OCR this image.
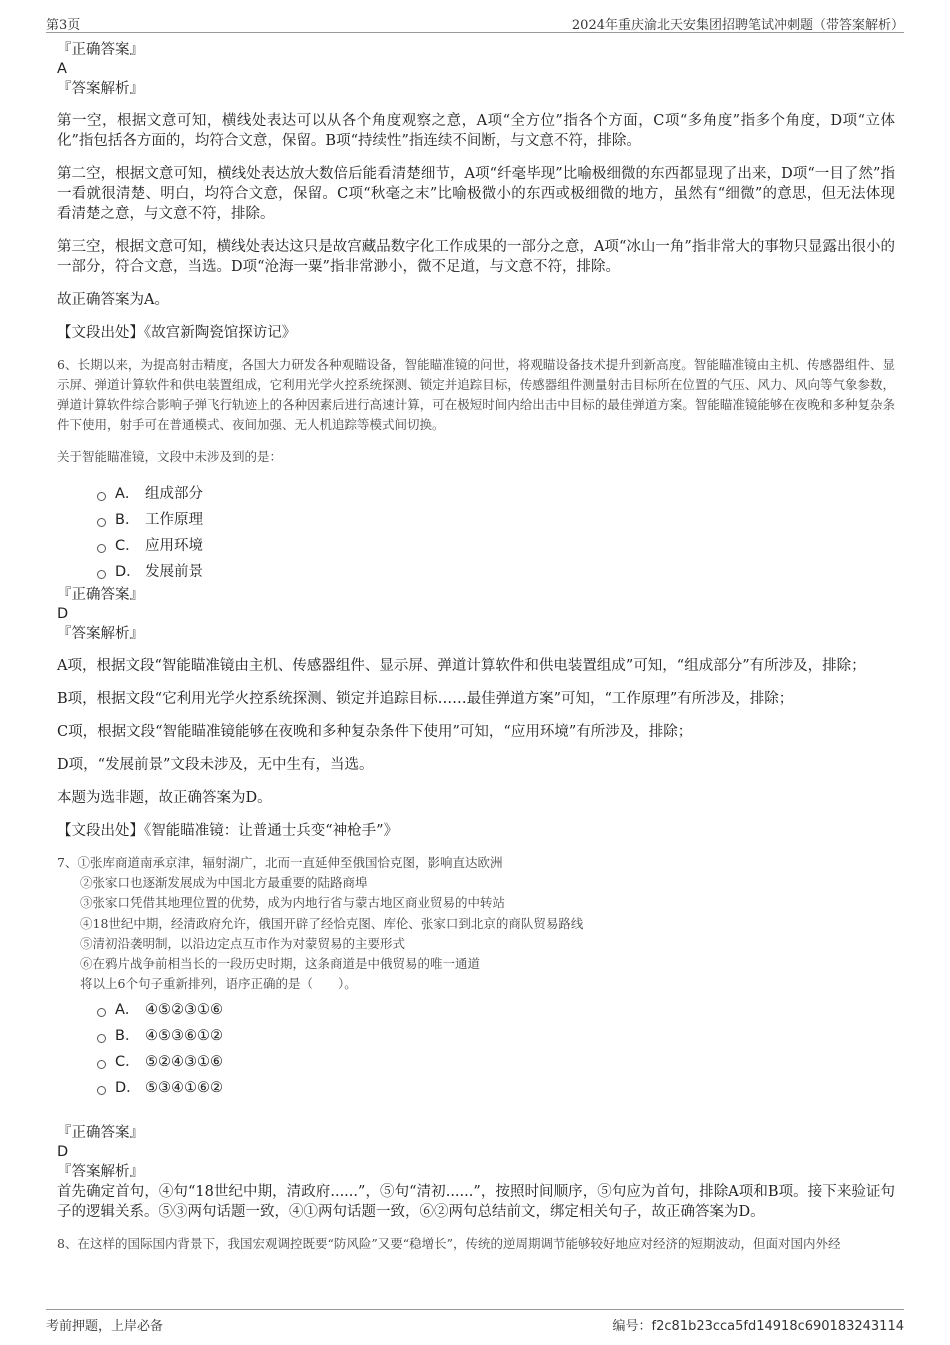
第3页	2024年重庆渝北天安集团招聘笔试冲刺题（带答案解析）

『正确答案』

A

『答案解析』

第一空，根据文意可知，横线处表达可以从各个角度观察之意，A项“全方位”指各个方面，C项“多角度”指多个角度，D项“立体化”指包括各方面的，均符合文意，保留。B项“持续性”指连续不间断，与文意不符，排除。

第二空，根据文意可知，横线处表达放大数倍后能看清楚细节，A项“纤毫毕现”比喻极细微的东西都显现了出来，D项“一目了然”指一看就很清楚、明白，均符合文意，保留。C项“秋毫之末”比喻极微小的东西或极细微的地方，虽然有“细微”的意思，但无法体现看清楚之意，与文意不符，排除。

第三空，根据文意可知，横线处表达这只是故宫藏品数字化工作成果的一部分之意，A项“冰山一角”指非常大的事物只显露出很小的一部分，符合文意，当选。D项“沧海一粟”指非常渺小，微不足道，与文意不符，排除。

故正确答案为A。

【文段出处】《故宫新陶瓷馆探访记》

6、长期以来，为提高射击精度，各国大力研发各种观瞄设备，智能瞄准镜的问世，将观瞄设备技术提升到新高度。智能瞄准镜由主机、传感器组件、显示屏、弹道计算软件和供电装置组成，它利用光学火控系统探测、锁定并追踪目标，传感器组件测量射击目标所在位置的气压、风力、风向等气象参数，弹道计算软件综合影响子弹飞行轨迹上的各种因素后进行高速计算，可在极短时间内给出击中目标的最佳弹道方案。智能瞄准镜能够在夜晚和多种复杂条件下使用，射手可在普通模式、夜间加强、无人机追踪等模式间切换。

关于智能瞄准镜，文段中未涉及到的是：

A． 组成部分
B． 工作原理
C． 应用环境
D． 发展前景

『正确答案』

D

『答案解析』

A项，根据文段“智能瞄准镜由主机、传感器组件、显示屏、弹道计算软件和供电装置组成”可知，“组成部分”有所涉及，排除；

B项，根据文段“它利用光学火控系统探测、锁定并追踪目标……最佳弹道方案”可知，“工作原理”有所涉及，排除；

C项，根据文段“智能瞄准镜能够在夜晚和多种复杂条件下使用”可知，“应用环境”有所涉及，排除；

D项，“发展前景”文段未涉及，无中生有，当选。

本题为选非题，故正确答案为D。

【文段出处】《智能瞄准镜：让普通士兵变“神枪手”》

7、①张库商道南承京津，辐射湖广，北而一直延伸至俄国恰克图，影响直达欧洲

②张家口也逐渐发展成为中国北方最重要的陆路商埠

③张家口凭借其地理位置的优势，成为内地行省与蒙古地区商业贸易的中转站

④18世纪中期，经清政府允许，俄国开辟了经恰克图、库伦、张家口到北京的商队贸易路线

⑤清初沿袭明制，以沿边定点互市作为对蒙贸易的主要形式

⑥在鸦片战争前相当长的一段历史时期，这条商道是中俄贸易的唯一通道

将以上6个句子重新排列，语序正确的是（　　）。

A． ④⑤②③①⑥
B． ④⑤③⑥①②
C． ⑤②④③①⑥
D． ⑤③④①⑥②

『正确答案』

D

『答案解析』

首先确定首句，④句“18世纪中期，清政府......”，⑤句“清初......”，按照时间顺序，⑤句应为首句，排除A项和B项。接下来验证句子的逻辑关系。⑤③两句话题一致，④①两句话题一致，⑥②两句总结前文，绑定相关句子，故正确答案为D。

8、在这样的国际国内背景下，我国宏观调控既要“防风险”又要“稳增长”，传统的逆周期调节能够较好地应对经济的短期波动，但面对国内外经

考前押题，上岸必备	编号：f2c81b23cca5fd14918c690183243114
